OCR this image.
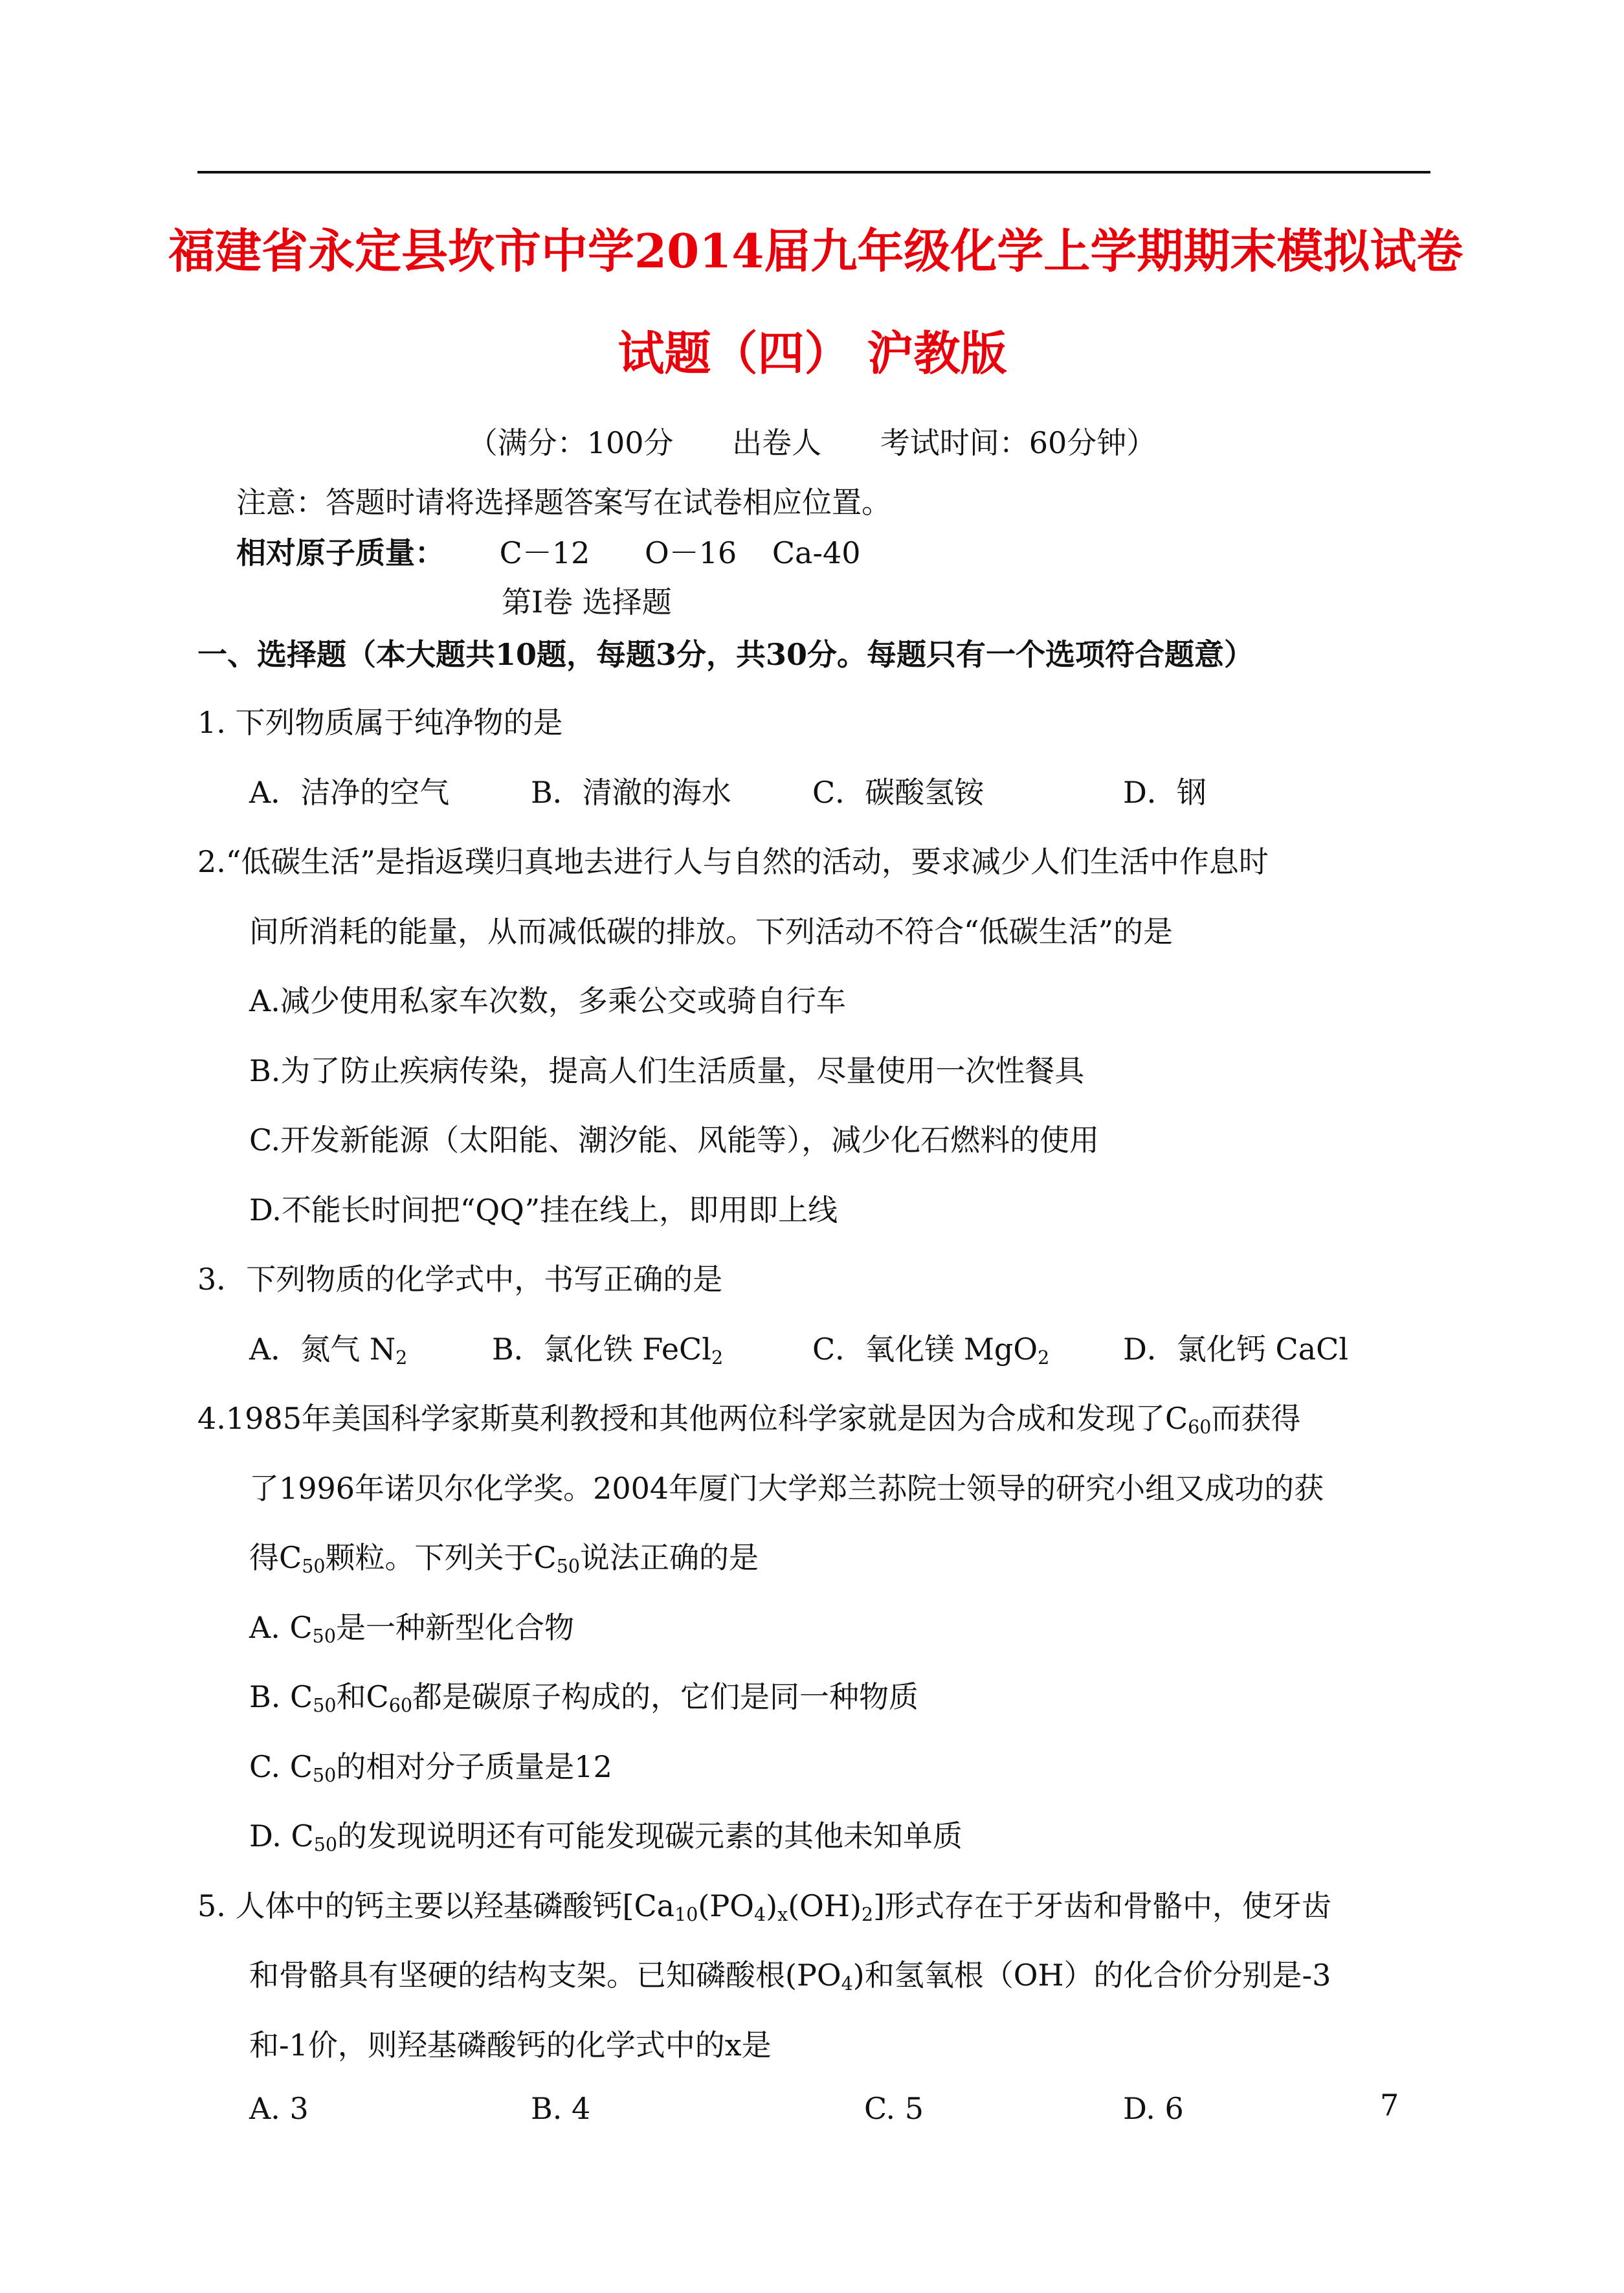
福建省永定县坎市中学2014届九年级化学上学期期末模拟试卷
试题（四） 沪教版
（满分：100分 出卷人 考试时间：60分钟）
注意：答题时请将选择题答案写在试卷相应位置。
相对原子质量： C－12 O－16 Ca-40
第Ⅰ卷 选择题
一、选择题（本大题共10题，每题3分，共30分。每题只有一个选项符合题意）
1. 下列物质属于纯净物的是
A．洁净的空气	B．清澈的海水	C．碳酸氢铵	D．钢
2.“低碳生活”是指返璞归真地去进行人与自然的活动，要求减少人们生活中作息时
间所消耗的能量，从而减低碳的排放。下列活动不符合“低碳生活”的是
A.减少使用私家车次数，多乘公交或骑自行车
B.为了防止疾病传染，提高人们生活质量，尽量使用一次性餐具
C.开发新能源（太阳能、潮汐能、风能等），减少化石燃料的使用
D.不能长时间把“QQ”挂在线上，即用即上线
3．下列物质的化学式中，书写正确的是
A．氮气 $N_2$	B．氯化铁 FeCl$_2$	C．氧化镁 MgO$_2$ D．氯化钙 CaCl
4.1985年美国科学家斯莫利教授和其他两位科学家就是因为合成和发现了$C_{60}$而获得
了1996年诺贝尔化学奖。2004年厦门大学郑兰荪院士领导的研究小组又成功的获
得$C_{50}$颗粒。下列关于$C_{50}$说法正确的是
A. $C_{50}$是一种新型化合物
B. $C_{50}$和$C_{60}$都是碳原子构成的，它们是同一种物质
C. $C_{50}$的相对分子质量是12
D. $C_{50}$的发现说明还有可能发现碳元素的其他未知单质
5. 人体中的钙主要以羟基磷酸钙$[Ca_{10}(PO_4)_x(OH)_2]$形式存在于牙齿和骨骼中，使牙齿
和骨骼具有坚硬的结构支架。已知磷酸根$(PO_4)$和氢氧根（OH）的化合价分别是-3
和-1价，则羟基磷酸钙的化学式中的x是
A. 3	B. 4	C. 5	D. 6	7
